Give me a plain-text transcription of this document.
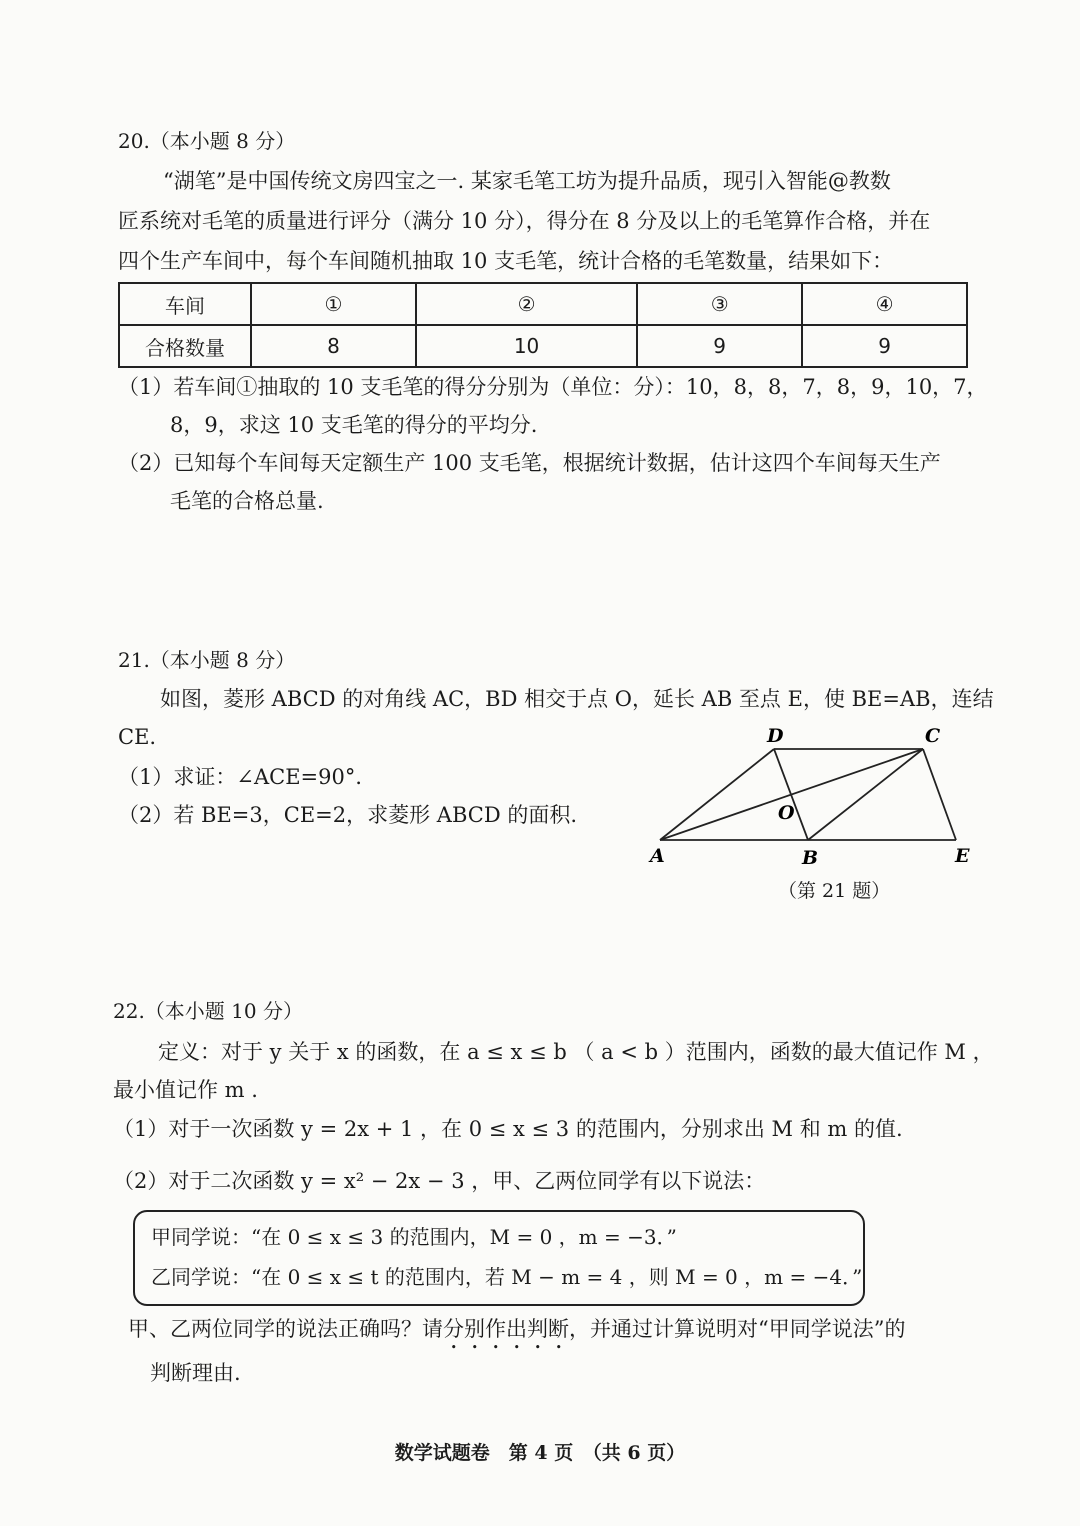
20.（本小题 8 分）
“湖笔”是中国传统文房四宝之一. 某家毛笔工坊为提升品质，现引入智能@教数
匠系统对毛笔的质量进行评分（满分 10 分），得分在 8 分及以上的毛笔算作合格，并在
四个生产车间中，每个车间随机抽取 10 支毛笔，统计合格的毛笔数量，结果如下：
车间	①	②	③	④
合格数量	8	10	9	9
（1）若车间①抽取的 10 支毛笔的得分分别为（单位：分）：10，8，8，7，8，9，10，7，
8，9，求这 10 支毛笔的得分的平均分.
（2）已知每个车间每天定额生产 100 支毛笔，根据统计数据，估计这四个车间每天生产
毛笔的合格总量.
21.（本小题 8 分）
如图，菱形 ABCD 的对角线 AC，BD 相交于点 O，延长 AB 至点 E，使 BE=AB，连结
CE.
（1）求证：∠ACE=90°．
（2）若 BE=3，CE=2，求菱形 ABCD 的面积.
A	B	E
D	C
O
（第 21 题）
22.（本小题 10 分）
定义：对于 y 关于 x 的函数，在 a ≤ x ≤ b （ a < b ）范围内，函数的最大值记作 M ，
最小值记作 m .
（1）对于一次函数 y = 2x + 1 ，在 0 ≤ x ≤ 3 的范围内，分别求出 M 和 m 的值.
（2）对于二次函数 y = x² − 2x − 3 ，甲、乙两位同学有以下说法：
甲同学说：“在 0 ≤ x ≤ 3 的范围内，M = 0 ，m = −3．”
乙同学说：“在 0 ≤ x ≤ t 的范围内，若 M − m = 4 ，则 M = 0 ，m = −4．”
甲、乙两位同学的说法正确吗？请分别作出判断，并通过计算说明对“甲同学说法”的
判断理由.
数学试题卷　第 4 页　（共 6 页）
